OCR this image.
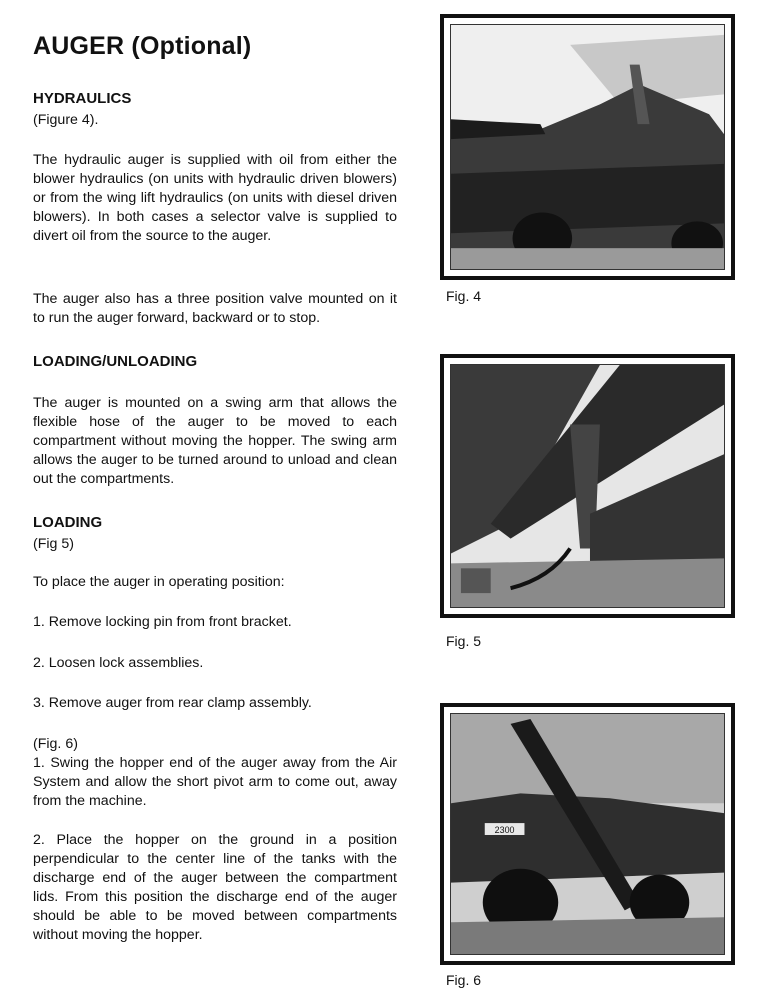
AUGER (Optional)
HYDRAULICS

(Figure 4).

The hydraulic auger is supplied with oil from either the blower hydraulics (on units with hydraulic driven blowers) or from the wing lift hydraulics (on units with diesel driven blowers). In both cases a selector valve is supplied to divert oil from the source to the auger.

The auger also has a three position valve mounted on it to run the auger forward, backward or to stop.

LOADING/UNLOADING

The auger is mounted on a swing arm that allows the flexible hose of the auger to be moved to each compartment without moving the hopper. The swing arm allows the auger to be turned around to unload and clean out the compartments.

LOADING

(Fig 5)

To place the auger in operating position:

1. Remove locking pin from front bracket.

2. Loosen lock assemblies.

3. Remove auger from rear clamp assembly.

(Fig. 6)

1. Swing the hopper end of the auger away from the Air System and allow the short pivot arm to come out, away from the machine.

2. Place the hopper on the ground in a position perpendicular to the center line of the tanks with the discharge end of the auger between the compartment lids. From this position the discharge end of the auger should be able to be moved between compartments without moving the hopper.

Fig. 4

Fig. 5

2300

Fig. 6
